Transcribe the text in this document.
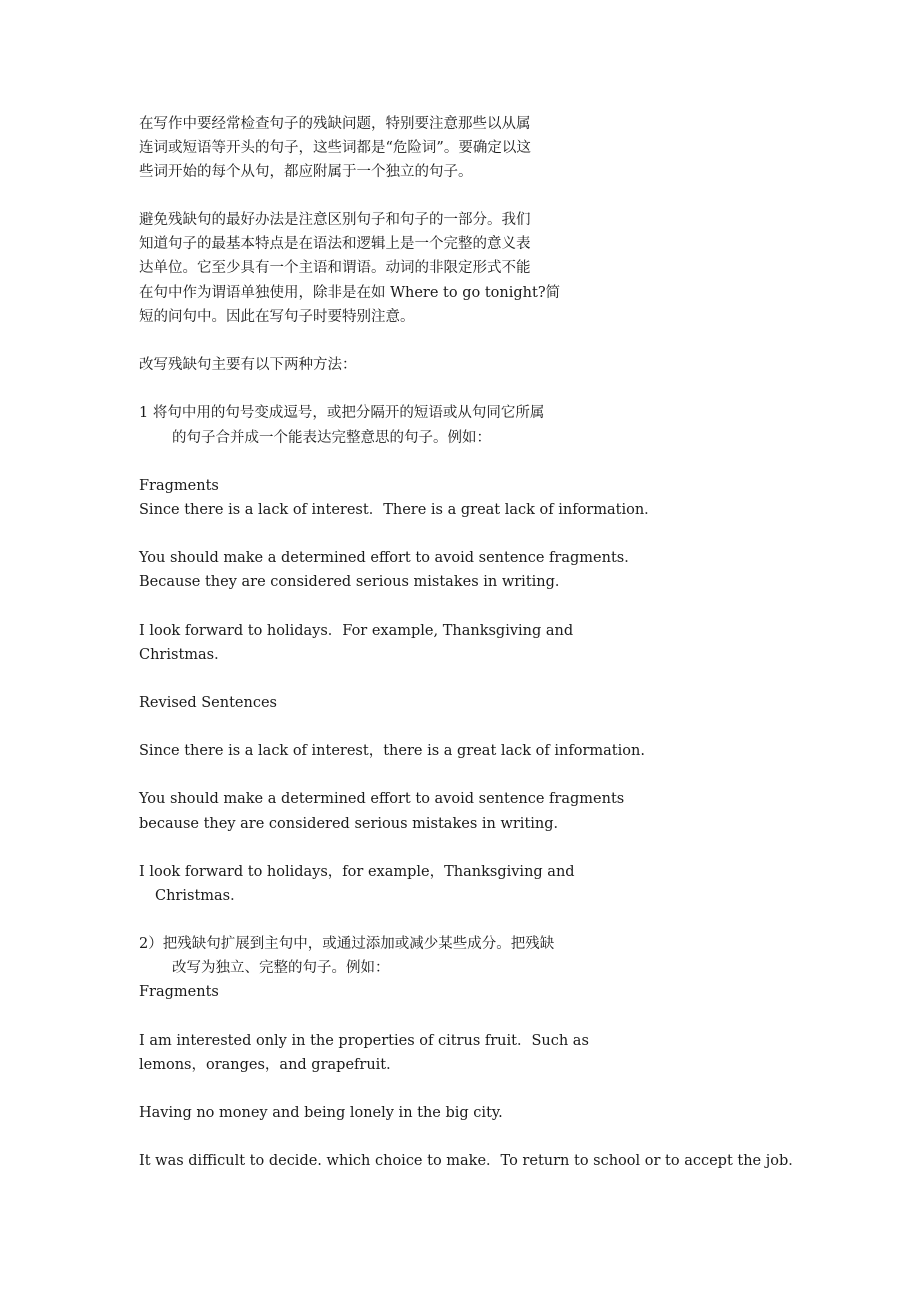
在写作中要经常检查句子的残缺问题，特别要注意那些以从属
连词或短语等开头的句子，这些词都是“危险词”。要确定以这
些词开始的每个从句，都应附属于一个独立的句子。
避免残缺句的最好办法是注意区别句子和句子的一部分。我们
知道句子的最基本特点是在语法和逻辑上是一个完整的意义表
达单位。它至少具有一个主语和谓语。动词的非限定形式不能
在句中作为谓语单独使用，除非是在如 Where to go tonight?简
短的问句中。因此在写句子时要特别注意。
改写残缺句主要有以下两种方法：
1 将句中用的句号变成逗号，或把分隔开的短语或从句同它所属
的句子合并成一个能表达完整意思的句子。例如：
Fragments
Since there is a lack of interest．There is a great lack of information．
You should make a determined effort to avoid sentence fragments．
Because they are considered serious mistakes in writing．
I look forward to holidays．For example, Thanksgiving and
Christmas．
Revised Sentences
Since there is a lack of interest，there is a great lack of information.
You should make a determined effort to avoid sentence fragments
because they are considered serious mistakes in writing．
I look forward to holidays，for example，Thanksgiving and
Christmas．
2）把残缺句扩展到主句中，或通过添加或减少某些成分。把残缺
改写为独立、完整的句子。例如：
Fragments
I am interested only in the properties of citrus fruit．Such as
lemons，oranges，and grapefruit．
Having no money and being lonely in the big city.
It was difficult to decide. which choice to make．To return to school or to accept the job．
